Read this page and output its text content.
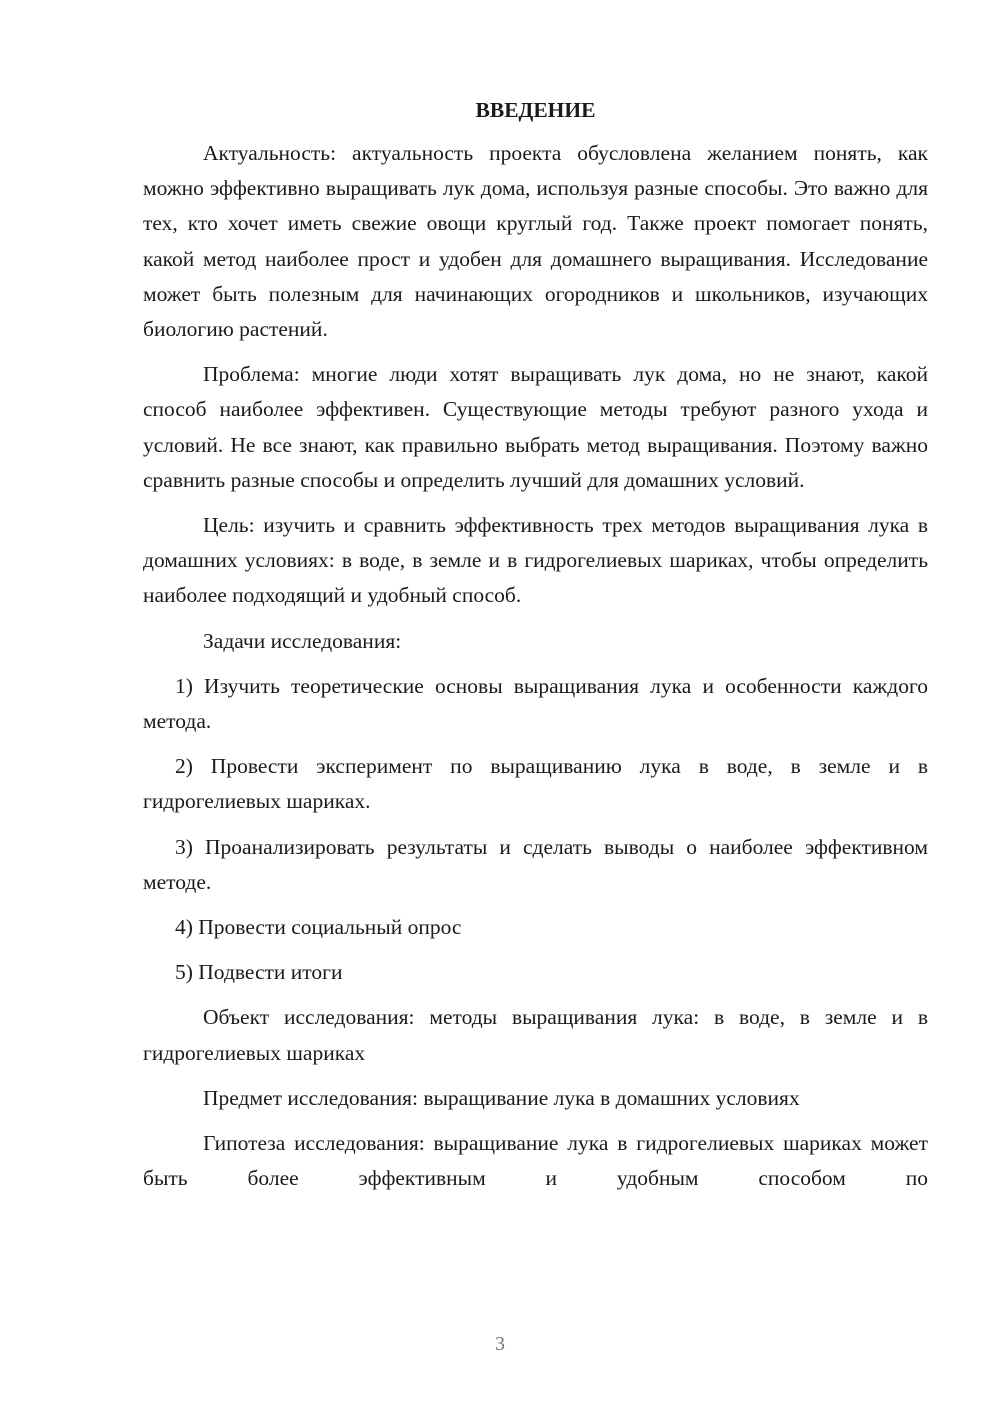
ВВЕДЕНИЕ

Актуальность: актуальность проекта обусловлена желанием понять, как можно эффективно выращивать лук дома, используя разные способы. Это важно для тех, кто хочет иметь свежие овощи круглый год. Также проект помогает понять, какой метод наиболее прост и удобен для домашнего выращивания. Исследование может быть полезным для начинающих огородников и школьников, изучающих биологию растений.

Проблема: многие люди хотят выращивать лук дома, но не знают, какой способ наиболее эффективен. Существующие методы требуют разного ухода и условий. Не все знают, как правильно выбрать метод выращивания. Поэтому важно сравнить разные способы и определить лучший для домашних условий.

Цель: изучить и сравнить эффективность трех методов выращивания лука в домашних условиях: в воде, в земле и в гидрогелиевых шариках, чтобы определить наиболее подходящий и удобный способ.

Задачи исследования:

1) Изучить теоретические основы выращивания лука и особенности каждого метода.

2) Провести эксперимент по выращиванию лука в воде, в земле и в гидрогелиевых шариках.

3) Проанализировать результаты и сделать выводы о наиболее эффективном методе.

4) Провести социальный опрос

5) Подвести итоги

Объект исследования: методы выращивания лука: в воде, в земле и в гидрогелиевых шариках

Предмет исследования: выращивание лука в домашних условиях

Гипотеза исследования: выращивание лука в гидрогелиевых шариках может быть более эффективным и удобным способом по

3
